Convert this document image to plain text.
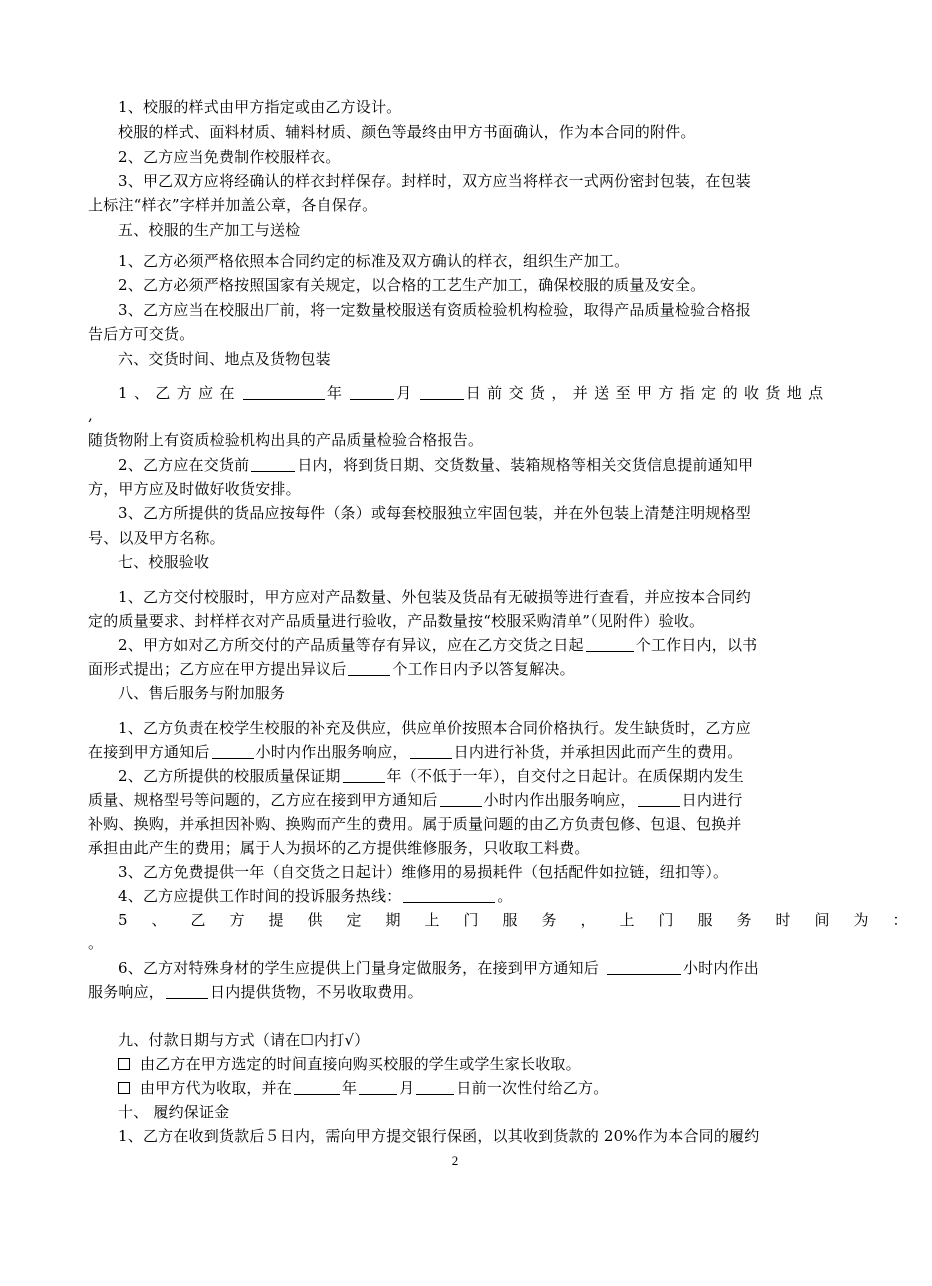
1、校服的样式由甲方指定或由乙方设计。
校服的样式、面料材质、辅料材质、颜色等最终由甲方书面确认，作为本合同的附件。
2、乙方应当免费制作校服样衣。
3、甲乙双方应将经确认的样衣封样保存。封样时，双方应当将样衣一式两份密封包装，在包装
上标注“样衣”字样并加盖公章，各自保存。
五、校服的生产加工与送检
1、乙方必须严格依照本合同约定的标准及双方确认的样衣，组织生产加工。
2、乙方必须严格按照国家有关规定，以合格的工艺生产加工，确保校服的质量及安全。
3、乙方应当在校服出厂前，将一定数量校服送有资质检验机构检验，取得产品质量检验合格报
告后方可交货。
六、交货时间、地点及货物包装
1、乙方应在	年	月	日前交货，并送至甲方指定的收货地点
,
随货物附上有资质检验机构出具的产品质量检验合格报告。
2、乙方应在交货前	日内，将到货日期、交货数量、装箱规格等相关交货信息提前通知甲
方，甲方应及时做好收货安排。
3、乙方所提供的货品应按每件（条）或每套校服独立牢固包装，并在外包装上清楚注明规格型
号、以及甲方名称。
七、校服验收
1、乙方交付校服时，甲方应对产品数量、外包装及货品有无破损等进行查看，并应按本合同约
定的质量要求、封样样衣对产品质量进行验收，产品数量按“校服采购清单”（见附件）验收。
2、甲方如对乙方所交付的产品质量等存有异议，应在乙方交货之日起	个工作日内，以书
面形式提出；乙方应在甲方提出异议后	个工作日内予以答复解决。
八、售后服务与附加服务
1、乙方负责在校学生校服的补充及供应，供应单价按照本合同价格执行。发生缺货时，乙方应
在接到甲方通知后	小时内作出服务响应，	日内进行补货，并承担因此而产生的费用。
2、乙方所提供的校服质量保证期	年（不低于一年），自交付之日起计。在质保期内发生
质量、规格型号等问题的，乙方应在接到甲方通知后	小时内作出服务响应，	日内进行
补购、换购，并承担因补购、换购而产生的费用。属于质量问题的由乙方负责包修、包退、包换并
承担由此产生的费用；属于人为损坏的乙方提供维修服务，只收取工料费。
3、乙方免费提供一年（自交货之日起计）维修用的易损耗件（包括配件如拉链，纽扣等）。
4、乙方应提供工作时间的投诉服务热线：	。
5、乙方提供定期上门服务，上门服务时间为：
。
6、乙方对特殊身材的学生应提供上门量身定做服务，在接到甲方通知后	小时内作出
服务响应，	日内提供货物，不另收取费用。
九、付款日期与方式（请在☐内打√）
由乙方在甲方选定的时间直接向购买校服的学生或学生家长收取。
由甲方代为收取，并在	年	月	日前一次性付给乙方。
十、 履约保证金
1、乙方在收到货款后５日内，需向甲方提交银行保函，以其收到货款的 20%作为本合同的履约
2
